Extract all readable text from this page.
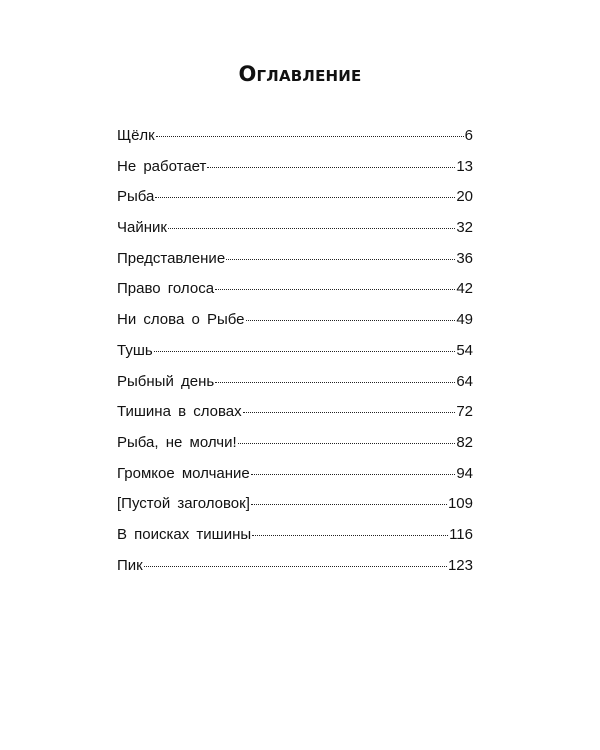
Оглавление
Щёлк	6
Не работает	13
Рыба	20
Чайник	32
Представление	36
Право голоса	42
Ни слова о Рыбе	49
Тушь	54
Рыбный день	64
Тишина в словах	72
Рыба, не молчи!	82
Громкое молчание	94
[Пустой заголовок]	109
В поисках тишины	116
Пик	123
